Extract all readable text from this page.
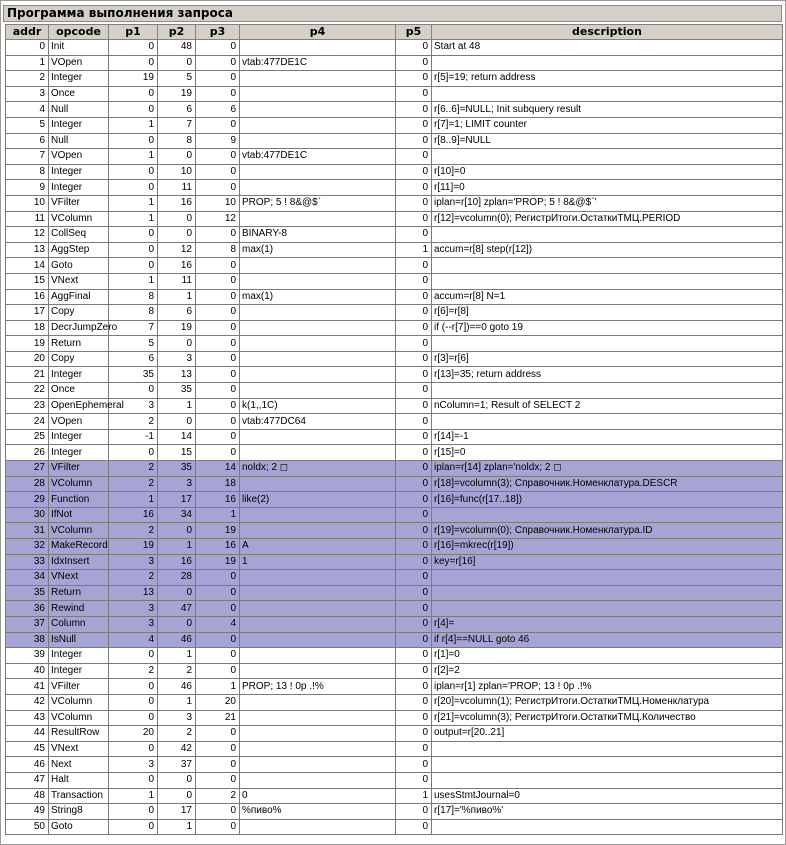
Программа выполнения запроса
addr	opcode	p1	p2	p3	p4	p5	description
0	Init	0	48	0		0	Start at 48
1	VOpen	0	0	0	vtab:477DE1C	0	
2	Integer	19	5	0		0	r[5]=19; return address
3	Once	0	19	0		0	
4	Null	0	6	6		0	r[6..6]=NULL; Init subquery result
5	Integer	1	7	0		0	r[7]=1; LIMIT counter
6	Null	0	8	9		0	r[8..9]=NULL
7	VOpen	1	0	0	vtab:477DE1C	0	
8	Integer	0	10	0		0	r[10]=0
9	Integer	0	11	0		0	r[11]=0
10	VFilter	1	16	10	PROP; 5 ! 8&@$`	0	iplan=r[10] zplan='PROP; 5 ! 8&@$`'
11	VColumn	1	0	12		0	r[12]=vcolumn(0); РегистрИтоги.ОстаткиТМЦ.PERIOD
12	CollSeq	0	0	0	BINARY-8	0	
13	AggStep	0	12	8	max(1)	1	accum=r[8] step(r[12])
14	Goto	0	16	0		0	
15	VNext	1	11	0		0	
16	AggFinal	8	1	0	max(1)	0	accum=r[8] N=1
17	Copy	8	6	0		0	r[6]=r[8]
18	DecrJumpZero	7	19	0		0	if (--r[7])==0 goto 19
19	Return	5	0	0		0	
20	Copy	6	3	0		0	r[3]=r[6]
21	Integer	35	13	0		0	r[13]=35; return address
22	Once	0	35	0		0	
23	OpenEphemeral	3	1	0	k(1,,1C)	0	nColumn=1; Result of SELECT 2
24	VOpen	2	0	0	vtab:477DC64	0	
25	Integer	-1	14	0		0	r[14]=-1
26	Integer	0	15	0		0	r[15]=0
27	VFilter	2	35	14	noldx; 2 ◻	0	iplan=r[14] zplan='noldx; 2 ◻
28	VColumn	2	3	18		0	r[18]=vcolumn(3); Справочник.Номенклатура.DESCR
29	Function	1	17	16	like(2)	0	r[16]=func(r[17..18])
30	IfNot	16	34	1		0	
31	VColumn	2	0	19		0	r[19]=vcolumn(0); Справочник.Номенклатура.ID
32	MakeRecord	19	1	16	A	0	r[16]=mkrec(r[19])
33	IdxInsert	3	16	19	1	0	key=r[16]
34	VNext	2	28	0		0	
35	Return	13	0	0		0	
36	Rewind	3	47	0		0	
37	Column	3	0	4		0	r[4]=
38	IsNull	4	46	0		0	if r[4]==NULL goto 46
39	Integer	0	1	0		0	r[1]=0
40	Integer	2	2	0		0	r[2]=2
41	VFilter	0	46	1	PROP; 13 ! 0p .!%	0	iplan=r[1] zplan='PROP; 13 ! 0p .!%
42	VColumn	0	1	20		0	r[20]=vcolumn(1); РегистрИтоги.ОстаткиТМЦ.Номенклатура
43	VColumn	0	3	21		0	r[21]=vcolumn(3); РегистрИтоги.ОстаткиТМЦ.Количество
44	ResultRow	20	2	0		0	output=r[20..21]
45	VNext	0	42	0		0	
46	Next	3	37	0		0	
47	Halt	0	0	0		0	
48	Transaction	1	0	2	0	1	usesStmtJournal=0
49	String8	0	17	0	%пиво%	0	r[17]='%пиво%'
50	Goto	0	1	0		0	
